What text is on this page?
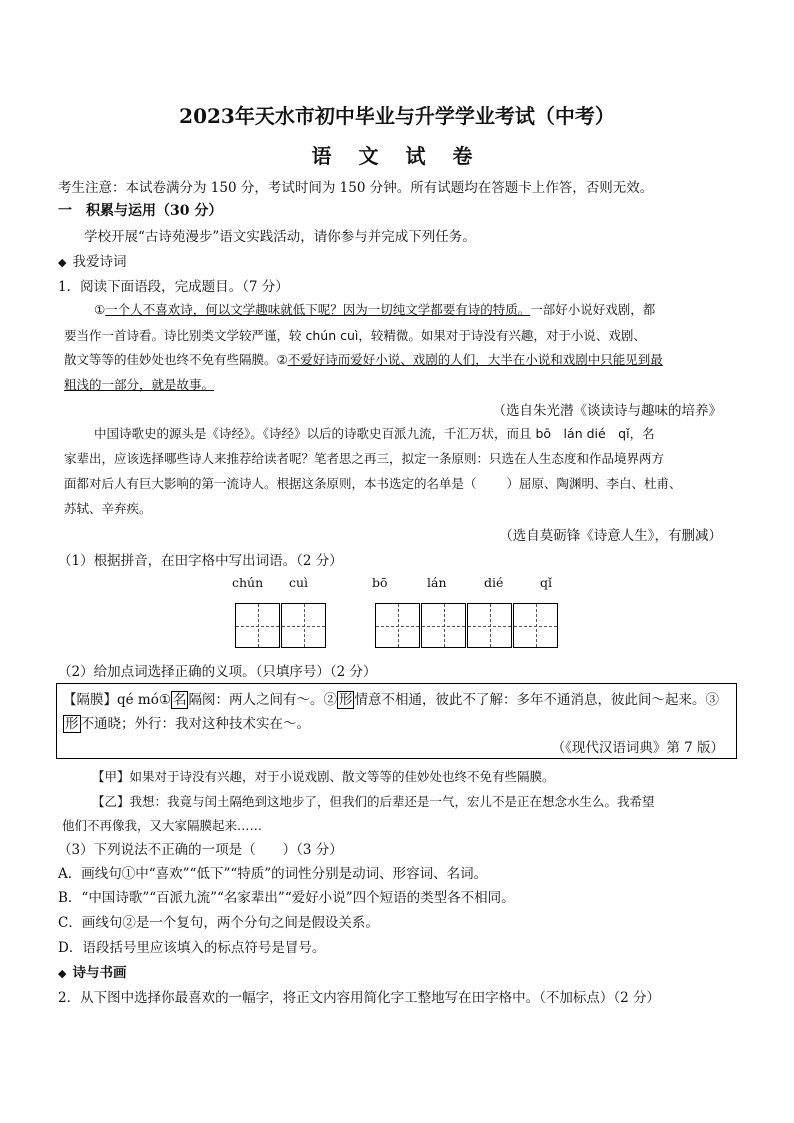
2023年天水市初中毕业与升学学业考试（中考）
语 文 试 卷
考生注意：本试卷满分为 150 分，考试时间为 150 分钟。所有试题均在答题卡上作答，否则无效。
一　积累与运用（30 分）
学校开展“古诗苑漫步”语文实践活动，请你参与并完成下列任务。
◆ 我爱诗词
1．阅读下面语段，完成题目。（7 分）
①一个人不喜欢诗，何以文学趣味就低下呢？因为一切纯文学都要有诗的特质。一部好小说好戏剧，都
要当作一首诗看。诗比别类文学较严谨，较 chún cuì，较精微。如果对于诗没有兴趣，对于小说、戏剧、
散文等等的佳妙处也终不免有些隔膜。②不爱好诗而爱好小说、戏剧的人们，大半在小说和戏剧中只能见到最
粗浅的一部分，就是故事。
（选自朱光潜《谈读诗与趣味的培养》
中国诗歌史的源头是《诗经》。《诗经》以后的诗歌史百派九流，千汇万状，而且 bō　lán dié　qǐ，名
家辈出，应该选择哪些诗人来推荐给读者呢？笔者思之再三，拟定一条原则：只选在人生态度和作品境界两方
面都对后人有巨大影响的第一流诗人。根据这条原则，本书选定的名单是（ ）屈原、陶渊明、李白、杜甫、
苏轼、辛弃疾。
（选自莫砺锋《诗意人生》，有删减）
（1）根据拼音，在田字格中写出词语。（2 分）
chún cuì	bō	lán	dié	qǐ
（2）给加点词选择正确的义项。（只填序号）（2 分）
【隔膜】qé mó① 名 隔阂：两人之间有～。② 形 情意不相通，彼此不了解：多年不通消息，彼此间～起来。③
形 不通晓；外行：我对这种技术实在～。
（《现代汉语词典》第 7 版）
【甲】如果对于诗没有兴趣，对于小说戏剧、散文等等的佳妙处也终不免有些隔膜。
【乙】我想：我竟与闰土隔绝到这地步了，但我们的后辈还是一气，宏儿不是正在想念水生么。我希望
他们不再像我，又大家隔膜起来……
（3）下列说法不正确的一项是（　　）（3 分）
A．画线句①中“喜欢”“低下”“特质”的词性分别是动词、形容词、名词。
B．“中国诗歌”“百派九流”“名家辈出”“爱好小说”四个短语的类型各不相同。
C．画线句②是一个复句，两个分句之间是假设关系。
D．语段括号里应该填入的标点符号是冒号。
◆ 诗与书画
2．从下图中选择你最喜欢的一幅字，将正文内容用简化字工整地写在田字格中。（不加标点）（2 分）
